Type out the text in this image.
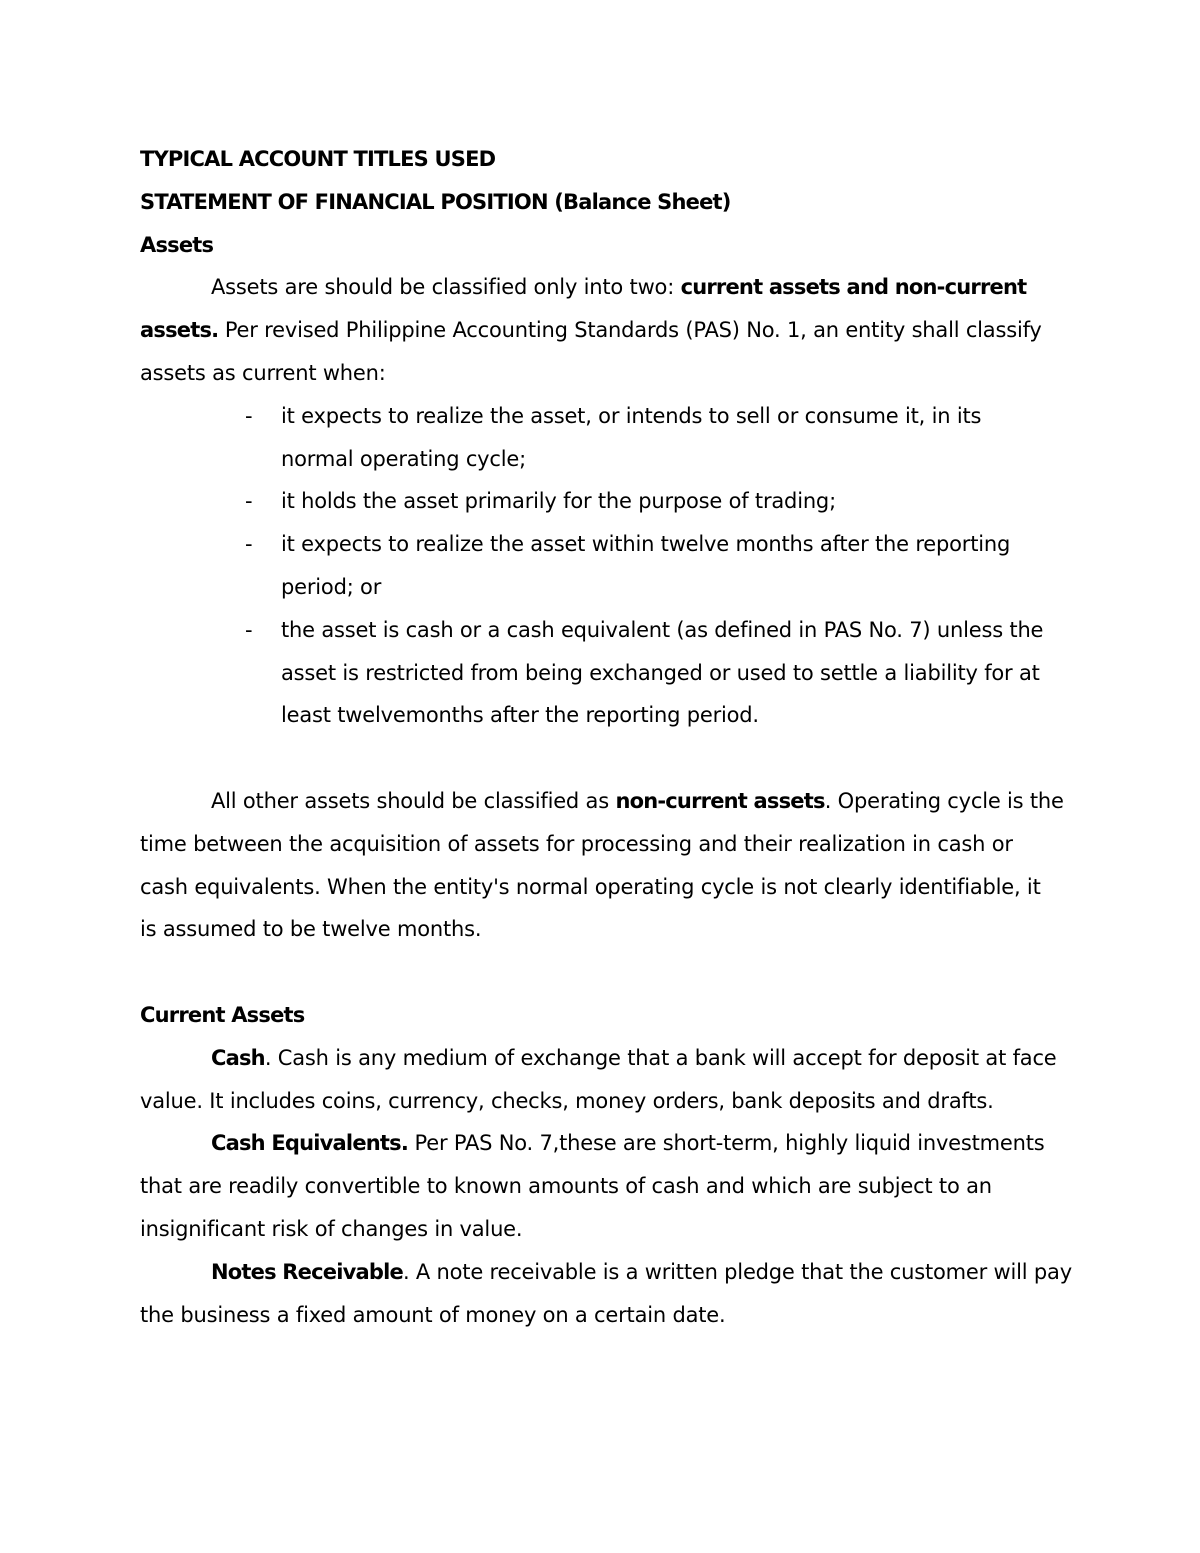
TYPICAL ACCOUNT TITLES USED
STATEMENT OF FINANCIAL POSITION (Balance Sheet)
Assets
Assets are should be classified only into two: current assets and non-current
assets. Per revised Philippine Accounting Standards (PAS) No. 1, an entity shall classify
assets as current when:
- it expects to realize the asset, or intends to sell or consume it, in its
normal operating cycle;
- it holds the asset primarily for the purpose of trading;
- it expects to realize the asset within twelve months after the reporting
period; or
- the asset is cash or a cash equivalent (as defined in PAS No. 7) unless the
asset is restricted from being exchanged or used to settle a liability for at
least twelvemonths after the reporting period.
All other assets should be classified as non-current assets. Operating cycle is the
time between the acquisition of assets for processing and their realization in cash or
cash equivalents. When the entity's normal operating cycle is not clearly identifiable, it
is assumed to be twelve months.
Current Assets
Cash. Cash is any medium of exchange that a bank will accept for deposit at face
value. It includes coins, currency, checks, money orders, bank deposits and drafts.
Cash Equivalents. Per PAS No. 7,these are short-term, highly liquid investments
that are readily convertible to known amounts of cash and which are subject to an
insignificant risk of changes in value.
Notes Receivable. A note receivable is a written pledge that the customer will pay
the business a fixed amount of money on a certain date.
